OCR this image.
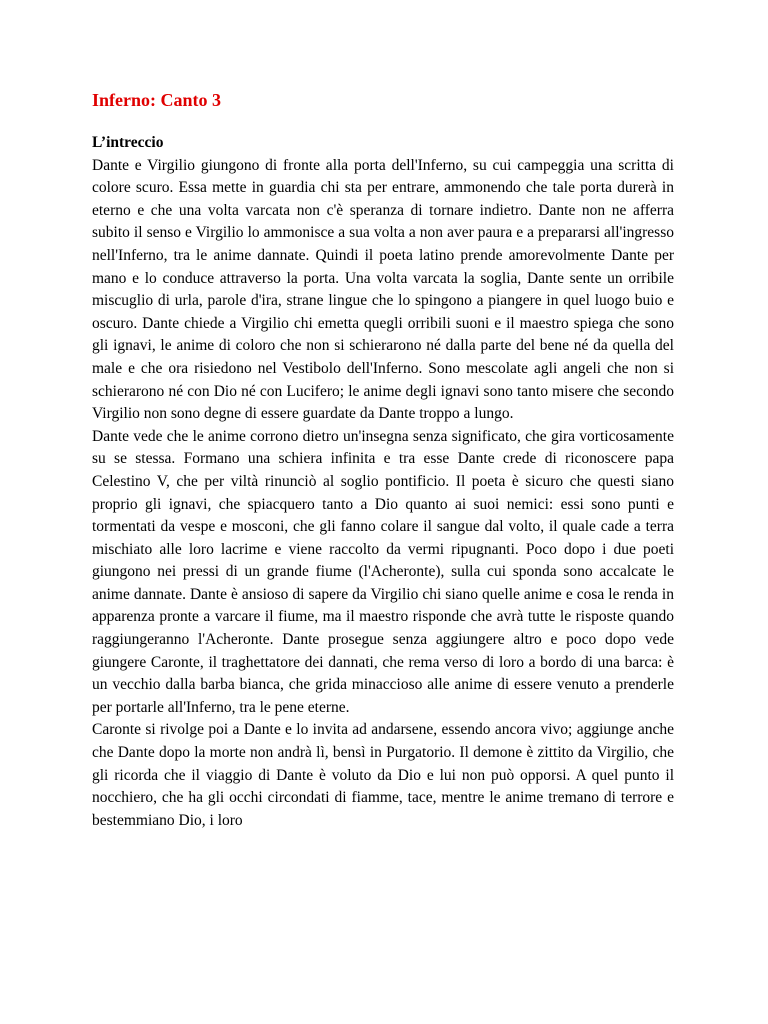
Inferno: Canto 3
L’intreccio

Dante e Virgilio giungono di fronte alla porta dell'Inferno, su cui campeggia una scritta di colore scuro. Essa mette in guardia chi sta per entrare, ammonendo che tale porta durerà in eterno e che una volta varcata non c'è speranza di tornare indietro. Dante non ne afferra subito il senso e Virgilio lo ammonisce a sua volta a non aver paura e a prepararsi all'ingresso nell'Inferno, tra le anime dannate. Quindi il poeta latino prende amorevolmente Dante per mano e lo conduce attraverso la porta. Una volta varcata la soglia, Dante sente un orribile miscuglio di urla, parole d'ira, strane lingue che lo spingono a piangere in quel luogo buio e oscuro. Dante chiede a Virgilio chi emetta quegli orribili suoni e il maestro spiega che sono gli ignavi, le anime di coloro che non si schierarono né dalla parte del bene né da quella del male e che ora risiedono nel Vestibolo dell'Inferno. Sono mescolate agli angeli che non si schierarono né con Dio né con Lucifero; le anime degli ignavi sono tanto misere che secondo Virgilio non sono degne di essere guardate da Dante troppo a lungo.

Dante vede che le anime corrono dietro un'insegna senza significato, che gira vorticosamente su se stessa. Formano una schiera infinita e tra esse Dante crede di riconoscere papa Celestino V, che per viltà rinunciò al soglio pontificio. Il poeta è sicuro che questi siano proprio gli ignavi, che spiacquero tanto a Dio quanto ai suoi nemici: essi sono punti e tormentati da vespe e mosconi, che gli fanno colare il sangue dal volto, il quale cade a terra mischiato alle loro lacrime e viene raccolto da vermi ripugnanti. Poco dopo i due poeti giungono nei pressi di un grande fiume (l'Acheronte), sulla cui sponda sono accalcate le anime dannate. Dante è ansioso di sapere da Virgilio chi siano quelle anime e cosa le renda in apparenza pronte a varcare il fiume, ma il maestro risponde che avrà tutte le risposte quando raggiungeranno l'Acheronte. Dante prosegue senza aggiungere altro e poco dopo vede giungere Caronte, il traghettatore dei dannati, che rema verso di loro a bordo di una barca: è un vecchio dalla barba bianca, che grida minaccioso alle anime di essere venuto a prenderle per portarle all'Inferno, tra le pene eterne.

Caronte si rivolge poi a Dante e lo invita ad andarsene, essendo ancora vivo; aggiunge anche che Dante dopo la morte non andrà lì, bensì in Purgatorio. Il demone è zittito da Virgilio, che gli ricorda che il viaggio di Dante è voluto da Dio e lui non può opporsi. A quel punto il nocchiero, che ha gli occhi circondati di fiamme, tace, mentre le anime tremano di terrore e bestemmiano Dio, i loro
